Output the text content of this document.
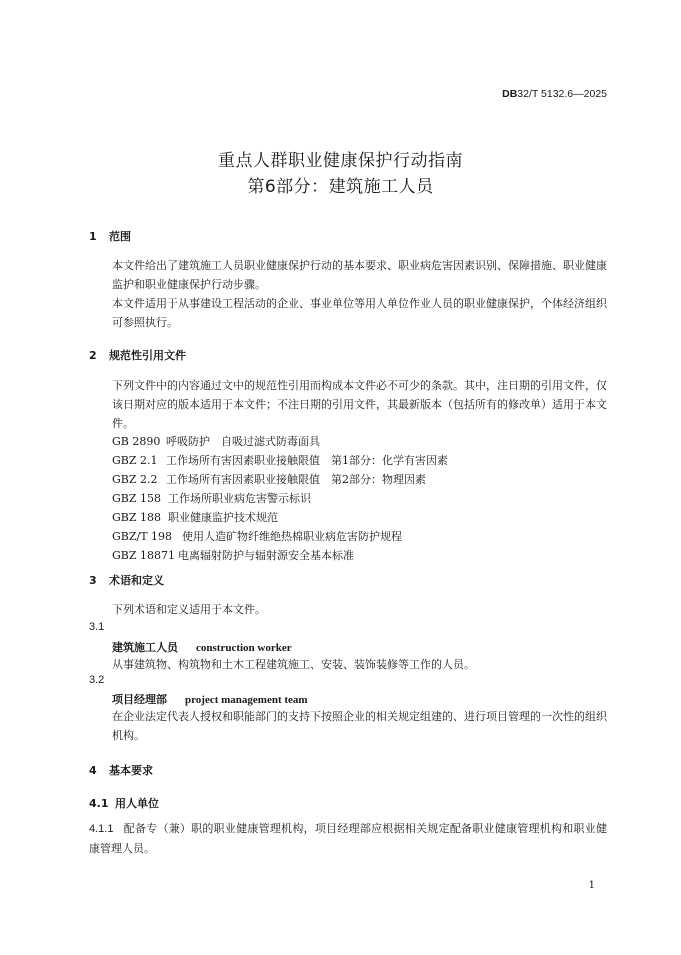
DB32/T 5132.6—2025
重点人群职业健康保护行动指南
第6部分：建筑施工人员
1 范围
本文件给出了建筑施工人员职业健康保护行动的基本要求、职业病危害因素识别、保障措施、职业健康监护和职业健康保护行动步骤。
本文件适用于从事建设工程活动的企业、事业单位等用人单位作业人员的职业健康保护，个体经济组织可参照执行。
2 规范性引用文件
下列文件中的内容通过文中的规范性引用而构成本文件必不可少的条款。其中，注日期的引用文件，仅该日期对应的版本适用于本文件；不注日期的引用文件，其最新版本（包括所有的修改单）适用于本文件。
GB 2890 呼吸防护　自吸过滤式防毒面具
GBZ 2.1 工作场所有害因素职业接触限值　第1部分：化学有害因素
GBZ 2.2 工作场所有害因素职业接触限值　第2部分：物理因素
GBZ 158 工作场所职业病危害警示标识
GBZ 188 职业健康监护技术规范
GBZ/T 198 使用人造矿物纤维绝热棉职业病危害防护规程
GBZ 18871 电离辐射防护与辐射源安全基本标准
3 术语和定义
下列术语和定义适用于本文件。
3.1
建筑施工人员 construction worker
从事建筑物、构筑物和土木工程建筑施工、安装、装饰装修等工作的人员。
3.2
项目经理部 project management team
在企业法定代表人授权和职能部门的支持下按照企业的相关规定组建的、进行项目管理的一次性的组织机构。
4 基本要求
4.1 用人单位
4.1.1 配备专（兼）职的职业健康管理机构，项目经理部应根据相关规定配备职业健康管理机构和职业健康管理人员。
1
